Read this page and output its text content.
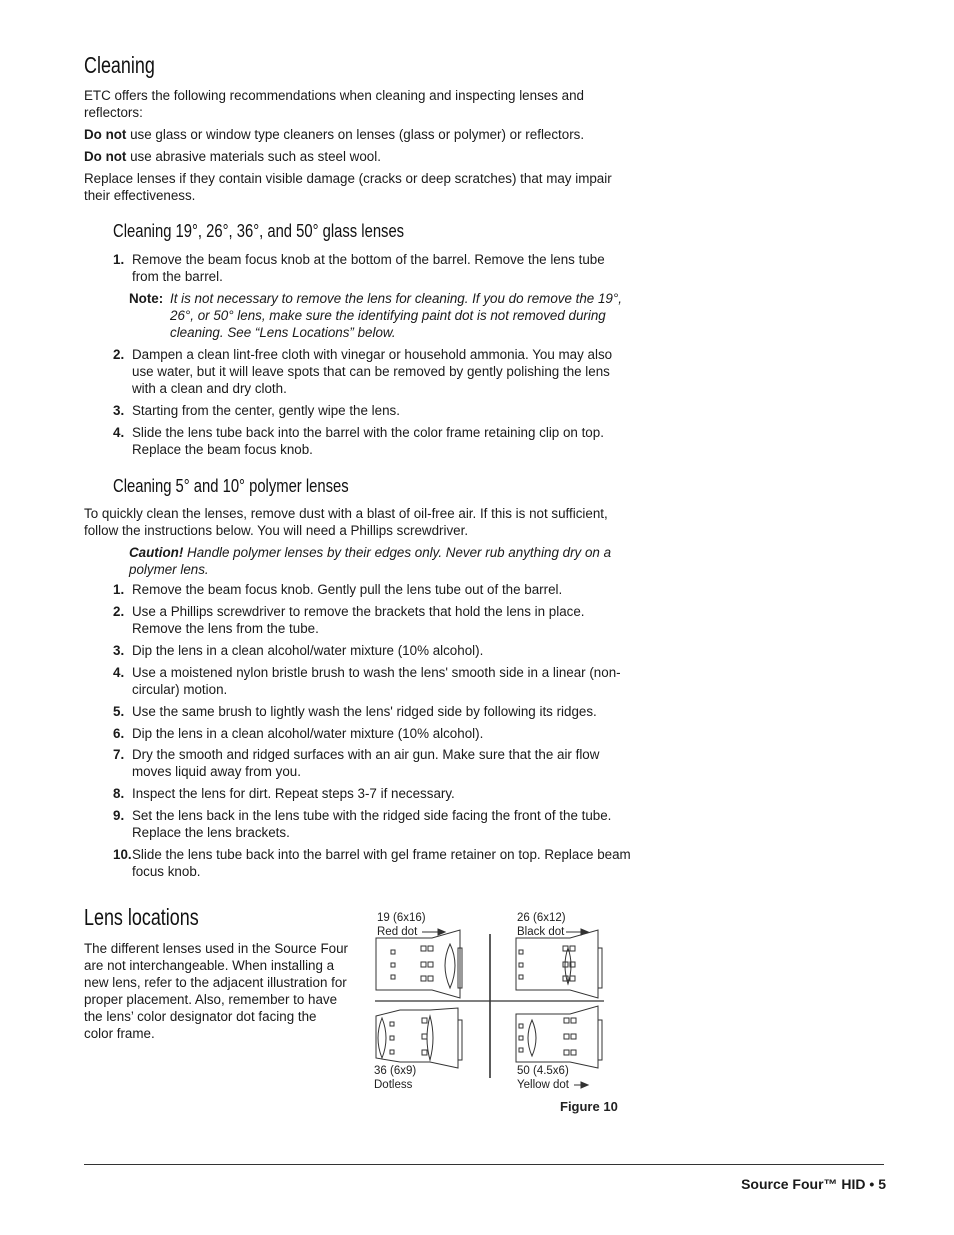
Cleaning

ETC offers the following recommendations when cleaning and inspecting lenses and reflectors:

Do not use glass or window type cleaners on lenses (glass or polymer) or reflectors.

Do not use abrasive materials such as steel wool.

Replace lenses if they contain visible damage (cracks or deep scratches) that may impair their effectiveness.

Cleaning 19°, 26°, 36°, and 50° glass lenses
1. Remove the beam focus knob at the bottom of the barrel. Remove the lens tube from the barrel.
Note: It is not necessary to remove the lens for cleaning. If you do remove the 19°, 26°, or 50° lens, make sure the identifying paint dot is not removed during cleaning. See “Lens Locations” below.
2. Dampen a clean lint-free cloth with vinegar or household ammonia. You may also use water, but it will leave spots that can be removed by gently polishing the lens with a clean and dry cloth.
3. Starting from the center, gently wipe the lens.
4. Slide the lens tube back into the barrel with the color frame retaining clip on top. Replace the beam focus knob.
Cleaning 5° and 10° polymer lenses

To quickly clean the lenses, remove dust with a blast of oil-free air. If this is not sufficient, follow the instructions below. You will need a Phillips screwdriver.

Caution! Handle polymer lenses by their edges only. Never rub anything dry on a polymer lens.

1. Remove the beam focus knob. Gently pull the lens tube out of the barrel.
2. Use a Phillips screwdriver to remove the brackets that hold the lens in place. Remove the lens from the tube.
3. Dip the lens in a clean alcohol/water mixture (10% alcohol).
4. Use a moistened nylon bristle brush to wash the lens' smooth side in a linear (non-circular) motion.
5. Use the same brush to lightly wash the lens' ridged side by following its ridges.
6. Dip the lens in a clean alcohol/water mixture (10% alcohol).
7. Dry the smooth and ridged surfaces with an air gun. Make sure that the air flow moves liquid away from you.
8. Inspect the lens for dirt. Repeat steps 3-7 if necessary.
9. Set the lens back in the lens tube with the ridged side facing the front of the tube. Replace the lens brackets.
10. Slide the lens tube back into the barrel with gel frame retainer on top. Replace beam focus knob.
Lens locations

The different lenses used in the Source Four are not interchangeable. When installing a new lens, refer to the adjacent illustration for proper placement. Also, remember to have the lens’ color designator dot facing the color frame.

19 (6x16)
Red dot
26 (6x12)
Black dot
36 (6x9)
Dotless
50 (4.5x6)
Yellow dot
Figure 10
Source Four™ HID • 5
